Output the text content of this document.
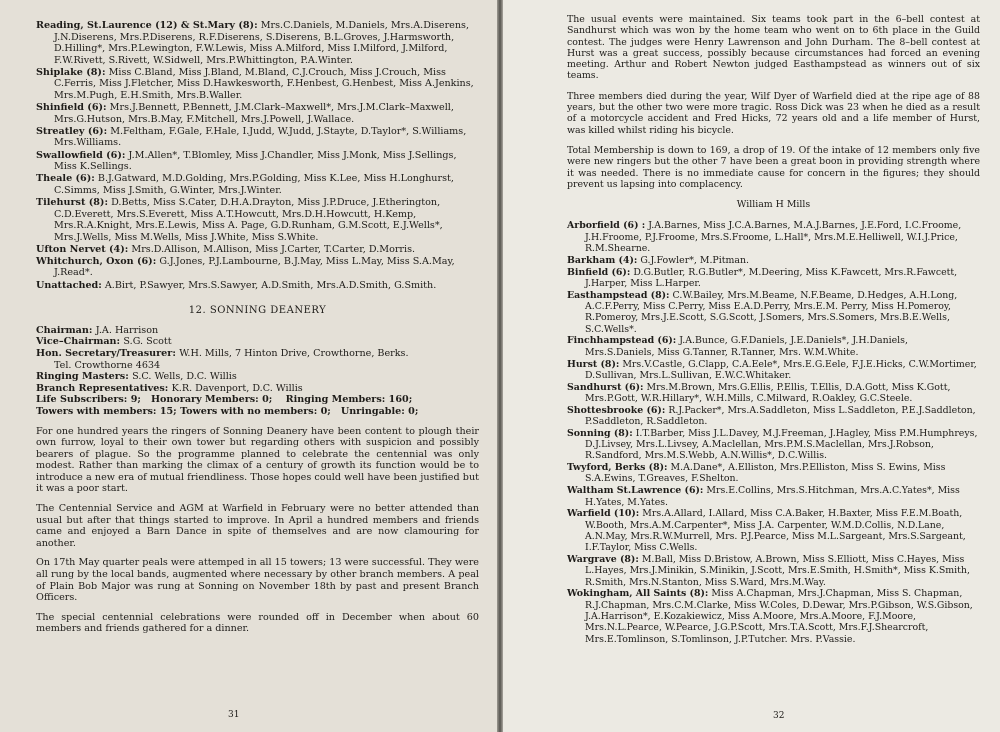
Reading, St.Laurence (12) & St.Mary (8): Mrs.C.Daniels, M.Daniels, Mrs.A.Diserens, J.N.Diserens, Mrs.P.Diserens, R.F.Diserens, S.Diserens, B.L.Groves, J.Harmsworth, D.Hilling*, Mrs.P.Lewington, F.W.Lewis, Miss A.Milford, Miss I.Milford, J.Milford, F.W.Rivett, S.Rivett, W.Sidwell, Mrs.P.Whittington, P.A.Winter.

Shiplake (8): Miss C.Bland, Miss J.Bland, M.Bland, C.J.Crouch, Miss J.Crouch, Miss C.Ferris, Miss J.Fletcher, Miss D.Hawkesworth, F.Henbest, G.Henbest, Miss A.Jenkins, Mrs.M.Pugh, E.H.Smith, Mrs.B.Waller.

Shinfield (6): Mrs.J.Bennett, P.Bennett, J.M.Clark–Maxwell*, Mrs.J.M.Clark–Maxwell, Mrs.G.Hutson, Mrs.B.May, F.Mitchell, Mrs.J.Powell, J.Wallace.

Streatley (6): M.Feltham, F.Gale, F.Hale, I.Judd, W.Judd, J.Stayte, D.Taylor*, S.Williams, Mrs.Williams.

Swallowfield (6): J.M.Allen*, T.Blomley, Miss J.Chandler, Miss J.Monk, Miss J.Sellings, Miss K.Sellings.

Theale (6): B.J.Gatward, M.D.Golding, Mrs.P.Golding, Miss K.Lee, Miss H.Longhurst, C.Simms, Miss J.Smith, G.Winter, Mrs.J.Winter.

Tilehurst (8): D.Betts, Miss S.Cater, D.H.A.Drayton, Miss J.P.Druce, J.Etherington, C.D.Everett, Mrs.S.Everett, Miss A.T.Howcutt, Mrs.D.H.Howcutt, H.Kemp, Mrs.R.A.Knight, Mrs.E.Lewis, Miss A. Page, G.D.Runham, G.M.Scott, E.J.Wells*, Mrs.J.Wells, Miss M.Wells, Miss J.White, Miss S.White.

Ufton Nervet (4): Mrs.D.Allison, M.Allison, Miss J.Carter, T.Carter, D.Morris.

Whitchurch, Oxon (6): G.J.Jones, P.J.Lambourne, B.J.May, Miss L.May, Miss S.A.May, J.Read*.

Unattached: A.Birt, P.Sawyer, Mrs.S.Sawyer, A.D.Smith, Mrs.A.D.Smith, G.Smith.

12. SONNING DEANERY

Chairman: J.A. Harrison

Vice–Chairman: S.G. Scott

Hon. Secretary/Treasurer: W.H. Mills, 7 Hinton Drive, Crowthorne, Berks.

Tel. Crowthorne 4634

Ringing Masters: S.C. Wells, D.C. Willis

Branch Representatives: K.R. Davenport, D.C. Willis

Life Subscribers: 9;   Honorary Members: 0;    Ringing Members: 160;

Towers with members: 15; Towers with no members: 0;   Unringable: 0;

For one hundred years the ringers of Sonning Deanery have been content to plough their own furrow, loyal to their own tower but regarding others with suspicion and possibly bearers of plague. So the programme planned to celebrate the centennial was only modest. Rather than marking the climax of a century of growth its function would be to introduce a new era of mutual friendliness. Those hopes could well have been justified but it was a poor start.

The Centennial Service and AGM at Warfield in February were no better attended than usual but after that things started to improve. In April a hundred members and friends came and enjoyed a Barn Dance in spite of themselves and are now clamouring for another.

On 17th May quarter peals were attemped in all 15 towers; 13 were successful. They were all rung by the local bands, augmented where necessary by other branch members. A peal of Plain Bob Major was rung at Sonning on November 18th by past and present Branch Officers.

The special centennial celebrations were rounded off in December when about 60 members and friends gathered for a dinner.

31

The usual events were maintained. Six teams took part in the 6–bell contest at Sandhurst which was won by the home team who went on to 6th place in the Guild contest. The judges were Henry Lawrenson and John Durham. The 8–bell contest at Hurst was a great success, possibly because circumstances had forced an evening meeting. Arthur and Robert Newton judged Easthampstead as winners out of six teams.

Three members died during the year, Wilf Dyer of Warfield died at the ripe age of 88 years, but the other two were more tragic. Ross Dick was 23 when he died as a result of a motorcycle accident and Fred Hicks, 72 years old and a life member of Hurst, was killed whilst riding his bicycle.

Total Membership is down to 169, a drop of 19. Of the intake of 12 members only five were new ringers but the other 7 have been a great boon in providing strength where it was needed. There is no immediate cause for concern in the figures; they should prevent us lapsing into complacency.

William H Mills

Arborfield (6) : J.A.Barnes, Miss J.C.A.Barnes, M.A.J.Barnes, J.E.Ford, I.C.Froome, J.H.Froome, P.J.Froome, Mrs.S.Froome, L.Hall*, Mrs.M.E.Helliwell, W.I.J.Price, R.M.Shearne.

Barkham (4): G.J.Fowler*, M.Pitman.

Binfield (6): D.G.Butler, R.G.Butler*, M.Deering, Miss K.Fawcett, Mrs.R.Fawcett, J.Harper, Miss L.Harper.

Easthampstead (8): C.W.Bailey, Mrs.M.Beame, N.F.Beame, D.Hedges, A.H.Long, A.C.F.Perry, Miss C.Perry, Miss E.A.D.Perry, Mrs.E.M. Perry, Miss H.Pomeroy, R.Pomeroy, Mrs.J.E.Scott, S.G.Scott, J.Somers, Mrs.S.Somers, Mrs.B.E.Wells, S.C.Wells*.

Finchhampstead (6): J.A.Bunce, G.F.Daniels, J.E.Daniels*, J.H.Daniels, Mrs.S.Daniels, Miss G.Tanner, R.Tanner, Mrs. W.M.White.

Hurst (8): Mrs.V.Castle, G.Clapp, C.A.Eele*, Mrs.E.G.Eele, F.J.E.Hicks, C.W.Mortimer, D.Sullivan, Mrs.L.Sullivan, E.W.C.Whitaker.

Sandhurst (6): Mrs.M.Brown, Mrs.G.Ellis, P.Ellis, T.Ellis, D.A.Gott, Miss K.Gott, Mrs.P.Gott, W.R.Hillary*, W.H.Mills, C.Milward, R.Oakley, G.C.Steele.

Shottesbrooke (6): R.J.Packer*, Mrs.A.Saddleton, Miss L.Saddleton, P.E.J.Saddleton, P.Saddleton, R.Saddleton.

Sonning (8): I.T.Barber, Miss J.L.Davey, M.J.Freeman, J.Hagley, Miss P.M.Humphreys, D.J.Livsey, Mrs.L.Livsey, A.Maclellan, Mrs.P.M.S.Maclellan, Mrs.J.Robson, R.Sandford, Mrs.M.S.Webb, A.N.Willis*, D.C.Willis.

Twyford, Berks (8): M.A.Dane*, A.Elliston, Mrs.P.Elliston, Miss S. Ewins, Miss S.A.Ewins, T.Greaves, F.Shelton.

Waltham St.Lawrence (6): Mrs.E.Collins, Mrs.S.Hitchman, Mrs.A.C.Yates*, Miss H.Yates, M.Yates.

Warfield (10): Mrs.A.Allard, I.Allard, Miss C.A.Baker, H.Baxter, Miss F.E.M.Boath, W.Booth, Mrs.A.M.Carpenter*, Miss J.A. Carpenter, W.M.D.Collis, N.D.Lane, A.N.May, Mrs.R.W.Murrell, Mrs. P.J.Pearce, Miss M.L.Sargeant, Mrs.S.Sargeant, I.F.Taylor, Miss C.Wells.

Wargrave (8): M.Ball, Miss D.Bristow, A.Brown, Miss S.Elliott, Miss C.Hayes, Miss L.Hayes, Mrs.J.Minikin, S.Minikin, J.Scott, Mrs.E.Smith, H.Smith*, Miss K.Smith, R.Smith, Mrs.N.Stanton, Miss S.Ward, Mrs.M.Way.

Wokingham, All Saints (8): Miss A.Chapman, Mrs.J.Chapman, Miss S. Chapman, R.J.Chapman, Mrs.C.M.Clarke, Miss W.Coles, D.Dewar, Mrs.P.Gibson, W.S.Gibson, J.A.Harrison*, E.Kozakiewicz, Miss A.Moore, Mrs.A.Moore, F.J.Moore, Mrs.N.L.Pearce, W.Pearce, J.G.P.Scott, Mrs.T.A.Scott, Mrs.F.J.Shearcroft, Mrs.E.Tomlinson, S.Tomlinson, J.P.Tutcher. Mrs. P.Vassie.

32
